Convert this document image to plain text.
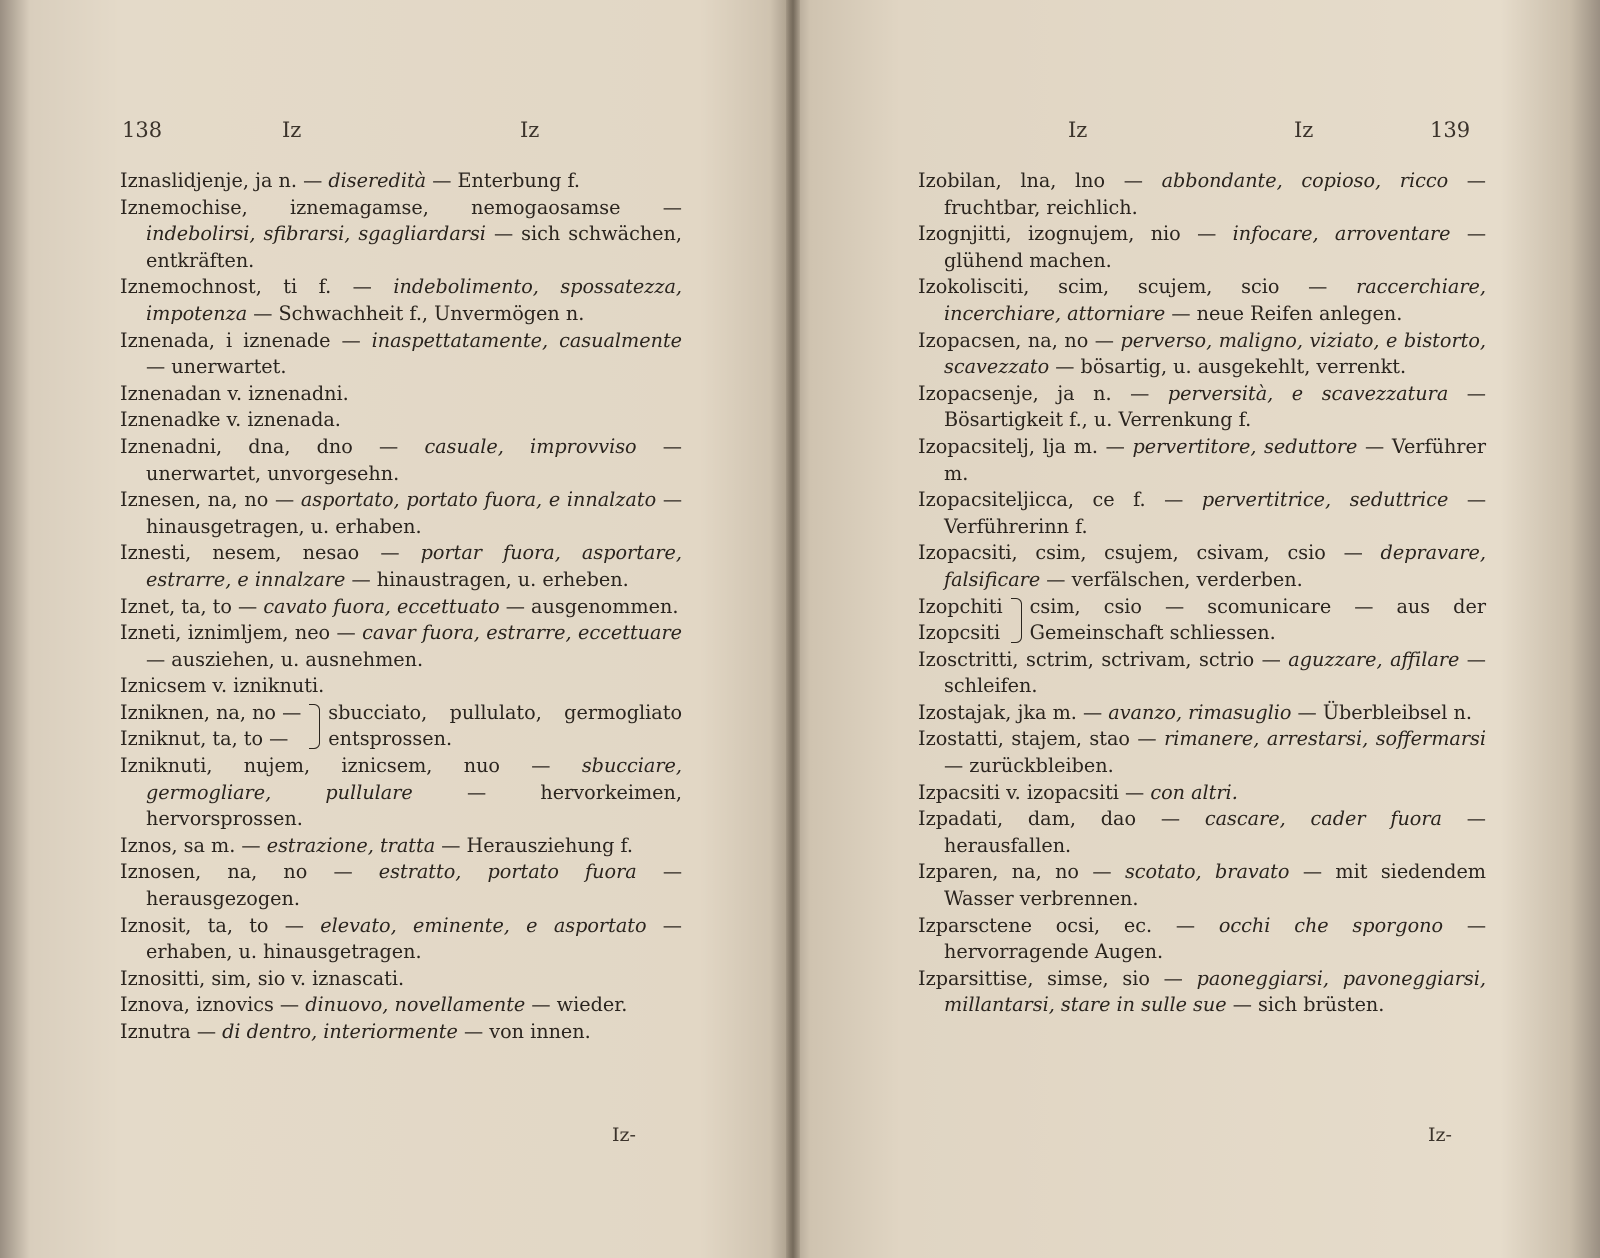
138	Iz	Iz
Iznaslidjenje, ja n. — diseredità — Enterbung f.
Iznemochise, iznemagamse, nemogaosamse — indebolirsi, sfibrarsi, sgagliardarsi — sich schwächen, entkräften.
Iznemochnost, ti f. — indebolimento, spossatezza, impotenza — Schwachheit f., Unvermögen n.
Iznenada, i iznenade — inaspettatamente, casualmente — unerwartet.
Iznenadan v. iznenadni.
Iznenadke v. iznenada.
Iznenadni, dna, dno — casuale, improvviso — unerwartet, unvorgesehn.
Iznesen, na, no — asportato, portato fuora, e innalzato — hinausgetragen, u. erhaben.
Iznesti, nesem, nesao — portar fuora, asportare, estrarre, e innalzare — hinaustragen, u. erheben.
Iznet, ta, to — cavato fuora, eccettuato — ausgenommen.
Izneti, iznimljem, neo — cavar fuora, estrarre, eccettuare — ausziehen, u. ausnehmen.
Iznicsem v. izniknuti.
Izniknen, na, no —
Izniknut, ta, to —
sbucciato, pullulato, germogliato entsprossen.
Izniknuti, nujem, iznicsem, nuo — sbucciare, germogliare, pullulare — hervorkeimen, hervorsprossen.
Iznos, sa m. — estrazione, tratta — Herausziehung f.
Iznosen, na, no — estratto, portato fuora — herausgezogen.
Iznosit, ta, to — elevato, eminente, e asportato — erhaben, u. hinausgetragen.
Iznositti, sim, sio v. iznascati.
Iznova, iznovics — dinuovo, novellamente — wieder.
Iznutra — di dentro, interiormente — von innen.
Iz-
Iz	Iz	139
Izobilan, lna, lno — abbondante, copioso, ricco — fruchtbar, reichlich.
Izognjitti, izognujem, nio — infocare, arroventare — glühend machen.
Izokolisciti, scim, scujem, scio — raccerchiare, incerchiare, attorniare — neue Reifen anlegen.
Izopacsen, na, no — perverso, maligno, viziato, e bistorto, scavezzato — bösartig, u. ausgekehlt, verrenkt.
Izopacsenje, ja n. — perversità, e scavezzatura — Bösartigkeit f., u. Verrenkung f.
Izopacsitelj, lja m. — pervertitore, seduttore — Verführer m.
Izopacsiteljicca, ce f. — pervertitrice, seduttrice — Verführerinn f.
Izopacsiti, csim, csujem, csivam, csio — depravare, falsificare — verfälschen, verderben.
Izopchiti
Izopcsiti
csim, csio — scomunicare — aus der Gemeinschaft schliessen.
Izosctritti, sctrim, sctrivam, sctrio — aguzzare, affilare — schleifen.
Izostajak, jka m. — avanzo, rimasuglio — Überbleibsel n.
Izostatti, stajem, stao — rimanere, arrestarsi, soffermarsi — zurückbleiben.
Izpacsiti v. izopacsiti — con altri.
Izpadati, dam, dao — cascare, cader fuora — herausfallen.
Izparen, na, no — scotato, bravato — mit siedendem Wasser verbrennen.
Izparsctene ocsi, ec. — occhi che sporgono — hervorragende Augen.
Izparsittise, simse, sio — paoneggiarsi, pavoneggiarsi, millantarsi, stare in sulle sue — sich brüsten.
Iz-
